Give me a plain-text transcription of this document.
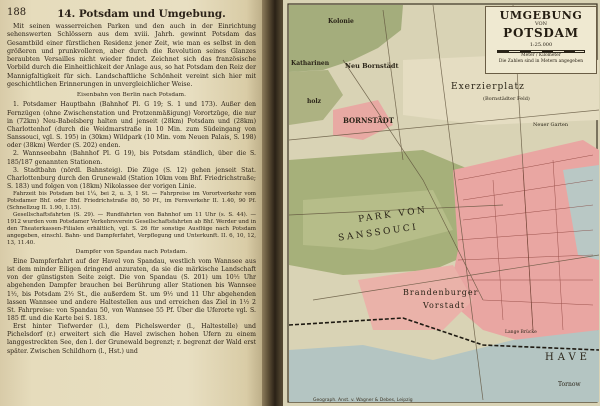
188	14. Potsdam und Umgebung.

Mit seinen wasserreichen Parken und den auch in der Einrichtung sehenswerten Schlössern aus dem xviii. Jahrh. gewinnt Potsdam das Gesamtbild einer fürstlichen Residenz jener Zeit, wie man es selbst in den größeren und prunkvolleren, aber durch die Revolution seines Glanzes beraubten Versailles nicht wieder findet. Zeichnet sich das französische Vorbild durch die Einheitlichkeit der Anlage aus, so hat Potsdam den Reiz der Mannigfaltigkeit für sich. Landschaftliche Schönheit vereint sich hier mit geschichtlichen Erinnerungen in unvergleichlicher Weise.

Eisenbahn von Berlin nach Potsdam.

1. Potsdamer Hauptbahn (Bahnhof Pl. G 19; S. 1 und 173). Außer den Fernzügen (ohne Zwischenstation und Protzenmäßigung) Vorortzüge, die nur in (72km) Neu-Babelsberg halten und jenseit (28km) Potsdam und (28km) Charlottenhof (durch die Weidmarstraße in 10 Min. zum Südeingang von Sanssouci, vgl. S. 195) in (30km) Wildpark (10 Min. vom Neuen Palais, S. 198) oder (38km) Werder (S. 202) enden.

2. Wannseebahn (Bahnhof Pl. G 19), bis Potsdam ständlich, über die S. 185/187 genannten Stationen.

3. Stadtbahn (nördl. Bahnsteig). Die Züge (S. 12) gehen jenseit Stat. Charlottenburg durch den Grunewald (Station 10km vom Bhf. Friedrichstraße; S. 183) und folgen von (18km) Nikolassee der vorigen Linie.

Fahrzeit bis Potsdam bei 1¼, bei 2, u. 3, 1 St. — Fahrpreise im Vorortverkehr vom Potsdamer Bhf. oder Bhf. Friedrichstraße 80, 50 Pf., im Fernverkehr II. 1.40, 90 Pf. (Schnellzug II. 1.90, 1.15).

Gesellschaftsfahrten (S. 29). — Rundfahrten von Bahnhof um 11 Uhr (s. S. 44). — 1912 wurden vom Potsdamer Verkehrsverein Gesellschaftsfahrten ab Bhf. Werder und in den Theaterkassen-Filialen erhältlich, vgl. S. 26 für sonstige Ausflüge nach Potsdam angegeben, einschl. Bahn- und Dampferfahrt, Verpflegung und Unterkunft. II. 6, 10, 12, 13, 11.40.

Dampfer von Spandau nach Potsdam.

Eine Dampferfahrt auf der Havel von Spandau, westlich vom Wannsee aus ist dem minder Eiligen dringend anzuraten, da sie die märkische Landschaft von der günstigsten Seite zeigt. Die von Spandau (S. 201) um 10½ Uhr abgehenden Dampfer brauchen bei Berührung aller Stationen bis Wannsee 1½, bis Potsdam 2½ St., die außerdem St. um 9½ und 11 Uhr abgehenden lassen Wannsee und andere Haltestellen aus und erreichen das Ziel in 1½ 2 St. Fahrpreise: von Spandau 50, von Wannsee 55 Pf. Über die Uferorte vgl. S. 185 ff. und die Karte bei S. 183.

Erst hinter Tiefwerder (l.), dem Pichelswerder (l., Haltestelle) und Pichelsdorf (r.) erweitert sich die Havel zwischen hohen Ufern zu einem langgestreckten See, den l. der Grunewald begrenzt; r. begrenzt der Wald erst später. Zwischen Schildhorn (l., Hst.) und

Kolonie
Katharinen
holz
Neu Bornstädt
Exerzierplatz
(Bornstädter Feld)
BORNSTÄDT
PARK VON
SANSSOUCI
Brandenburger
Vorstadt
Neuer Garten
Lange Brücke
HAVE
Tornow
UMGEBUNG
VON
POTSDAM
1:25.000
Meter / Kilometer
Die Zahlen sind in Metern angegeben
Geograph. Anst. v. Wagner & Debes, Leipzig
